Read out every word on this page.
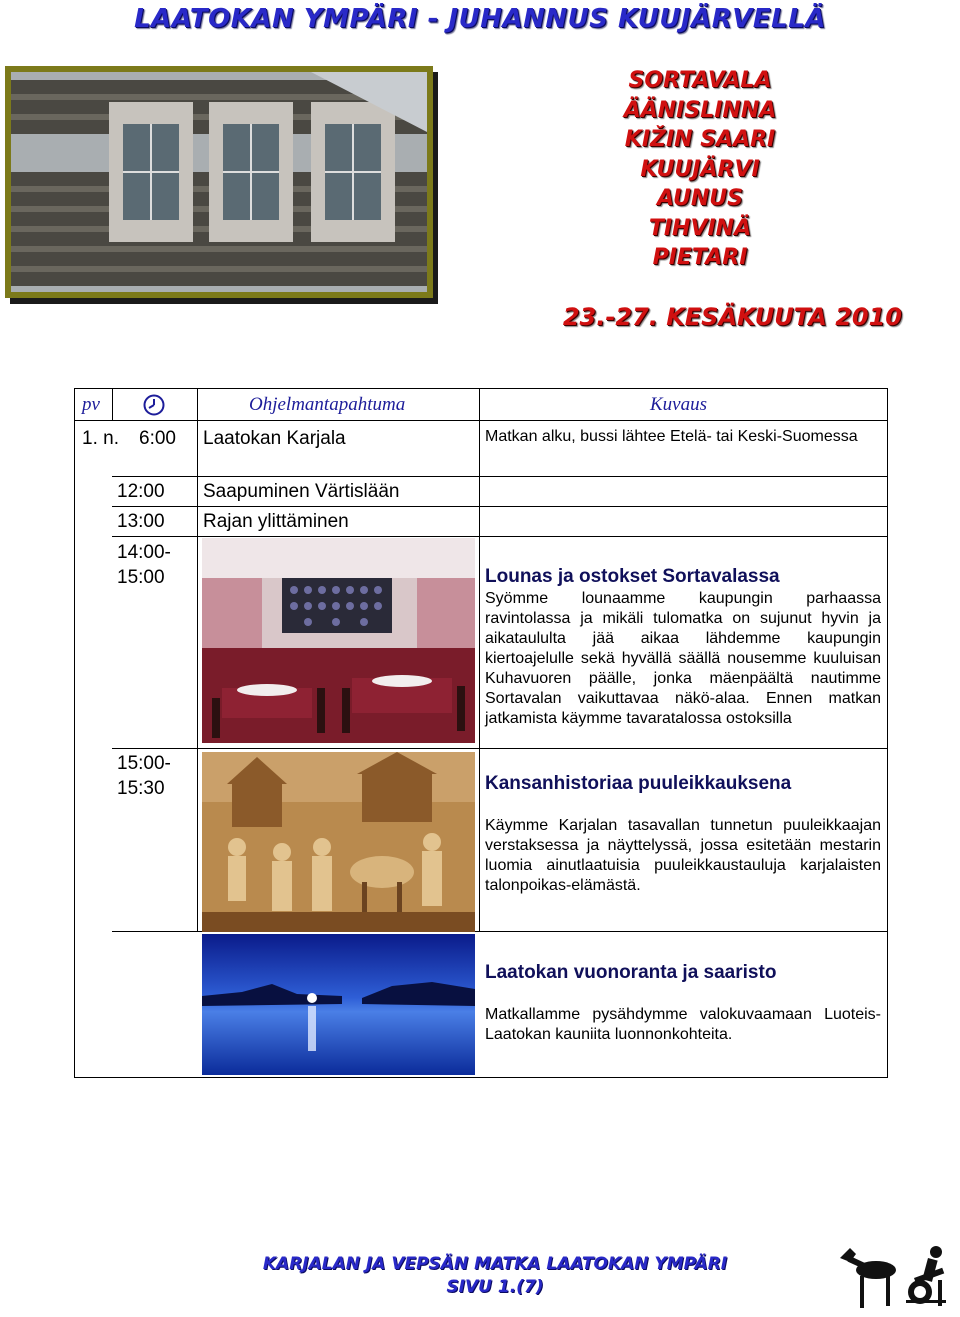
LAATOKAN YMPÄRI - JUHANNUS KUUJÄRVELLÄ
SORTAVALA
ÄÄNISLINNA
KIŽIN SAARI
KUUJÄRVI
AUNUS
TIHVINÄ
PIETARI
23.-27. KESÄKUUTA 2010
pv	Ohjelmantapahtuma	Kuvaus
1. n. 6:00 Laatokan Karjala	Matkan alku, bussi lähtee Etelä- tai Keski-Suomessa
12:00 Saapuminen Värtislään
13:00 Rajan ylittäminen
14:00-
15:00	Lounas ja ostokset Sortavalassa
Syömme lounaamme kaupungin parhaassa ravintolassa ja mikäli tulomatka on sujunut hyvin ja aikataululta jää aikaa lähdemme kaupungin kiertoajelulle sekä hyvällä säällä nousemme kuuluisan Kuhavuoren päälle, jonka mäenpäältä nautimme Sortavalan vaikuttavaa näkö-alaa. Ennen matkan jatkamista käymme tavaratalossa ostoksilla
15:00-
15:30	Kansanhistoriaa puuleikkauksena
Käymme Karjalan tasavallan tunnetun puuleikkaajan verstaksessa ja näyttelyssä, jossa esitetään mestarin luomia ainutlaatuisia puuleikkaustauluja karjalaisten talonpoikas-elämästä.
Laatokan vuonoranta ja saaristo
Matkallamme pysähdymme valokuvaamaan Luoteis-Laatokan kauniita luonnonkohteita.
KARJALAN JA VEPSÄN MATKA LAATOKAN YMPÄRI
SIVU 1.(7)
